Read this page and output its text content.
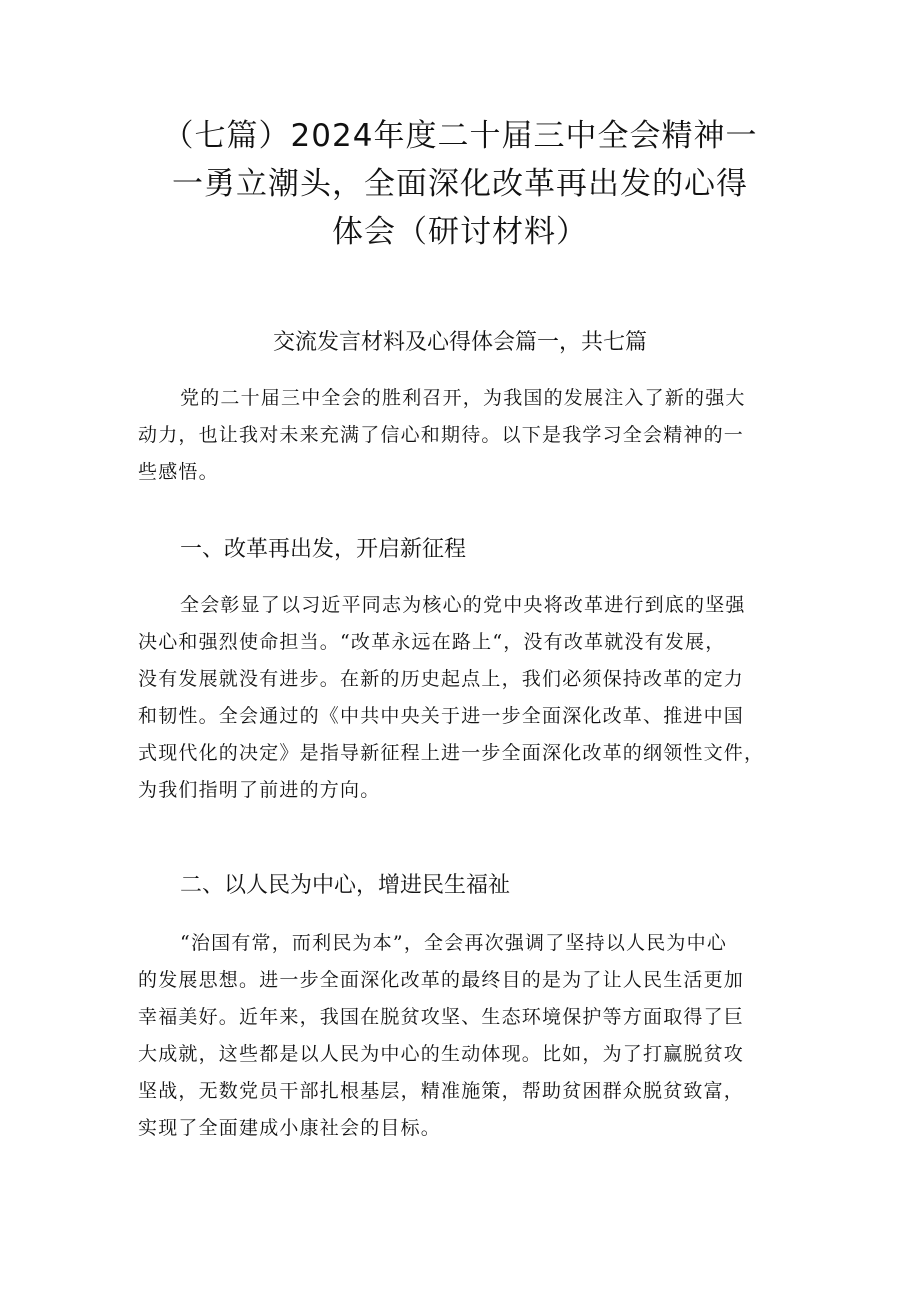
（七篇）2024年度二十届三中全会精神一
一勇立潮头，全面深化改革再出发的心得
体会（研讨材料）
交流发言材料及心得体会篇一，共七篇
党的二十届三中全会的胜利召开，为我国的发展注入了新的强大
动力，也让我对未来充满了信心和期待。以下是我学习全会精神的一
些感悟。
一、改革再出发，开启新征程
全会彰显了以习近平同志为核心的党中央将改革进行到底的坚强
决心和强烈使命担当。“改革永远在路上“，没有改革就没有发展，
没有发展就没有进步。在新的历史起点上，我们必须保持改革的定力
和韧性。全会通过的《中共中央关于进一步全面深化改革、推进中国
式现代化的决定》是指导新征程上进一步全面深化改革的纲领性文件，
为我们指明了前进的方向。
二、以人民为中心，增进民生福祉
“治国有常，而利民为本”，全会再次强调了坚持以人民为中心
的发展思想。进一步全面深化改革的最终目的是为了让人民生活更加
幸福美好。近年来，我国在脱贫攻坚、生态环境保护等方面取得了巨
大成就，这些都是以人民为中心的生动体现。比如，为了打赢脱贫攻
坚战，无数党员干部扎根基层，精准施策，帮助贫困群众脱贫致富，
实现了全面建成小康社会的目标。
